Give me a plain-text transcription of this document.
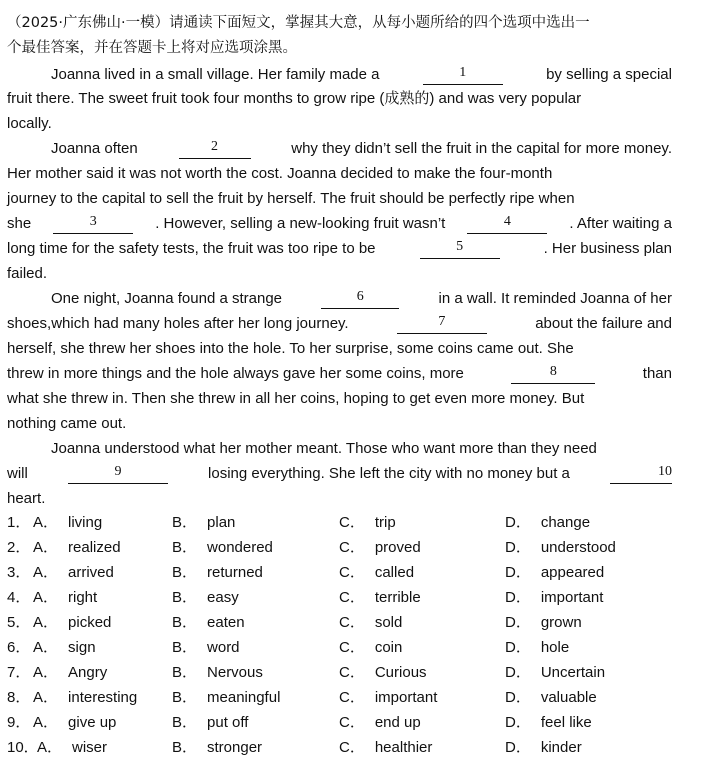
（2025·广东佛山·一模）请通读下面短文，掌握其大意，从每小题所给的四个选项中选出一
个最佳答案，并在答题卡上将对应选项涂黑。
Joanna lived in a small village. Her family made a	1	by selling a special
fruit there. The sweet fruit took four months to grow ripe (成熟的) and was very popular
locally.
Joanna often	2	why they didn’t sell the fruit in the capital for more money.
Her mother said it was not worth the cost. Joanna decided to make the four-month
journey to the capital to sell the fruit by herself. The fruit should be perfectly ripe when
she	3	. However, selling a new-looking fruit wasn’t	4	. After waiting a
long time for the safety tests, the fruit was too ripe to be	5	. Her business plan
failed.
One night, Joanna found a strange	6	in a wall. It reminded Joanna of her
shoes,which had many holes after her long journey.	7	about the failure and
herself, she threw her shoes into the hole. To her surprise, some coins came out. She
threw in more things and the hole always gave her some coins, more	8	than
what she threw in. Then she threw in all her coins, hoping to get even more money. But
nothing came out.
Joanna understood what her mother meant. Those who want more than they need
will	9	losing everything. She left the city with no money but a	10
heart.
1． A． living	B． plan	C． trip	D． change
2． A． realized	B． wondered	C． proved	D． understood
3． A． arrived	B． returned	C． called	D． appeared
4． A． right	B． easy	C． terrible	D． important
5． A． picked	B． eaten	C． sold	D． grown
6． A． sign	B． word	C． coin	D． hole
7． A． Angry	B． Nervous	C． Curious	D． Uncertain
8． A． interesting B． meaningful	C． important	D． valuable
9． A． give up	B． put off	C． end up	D． feel like
10．
A． wiser	B． stronger	C． healthier	D． kinder
